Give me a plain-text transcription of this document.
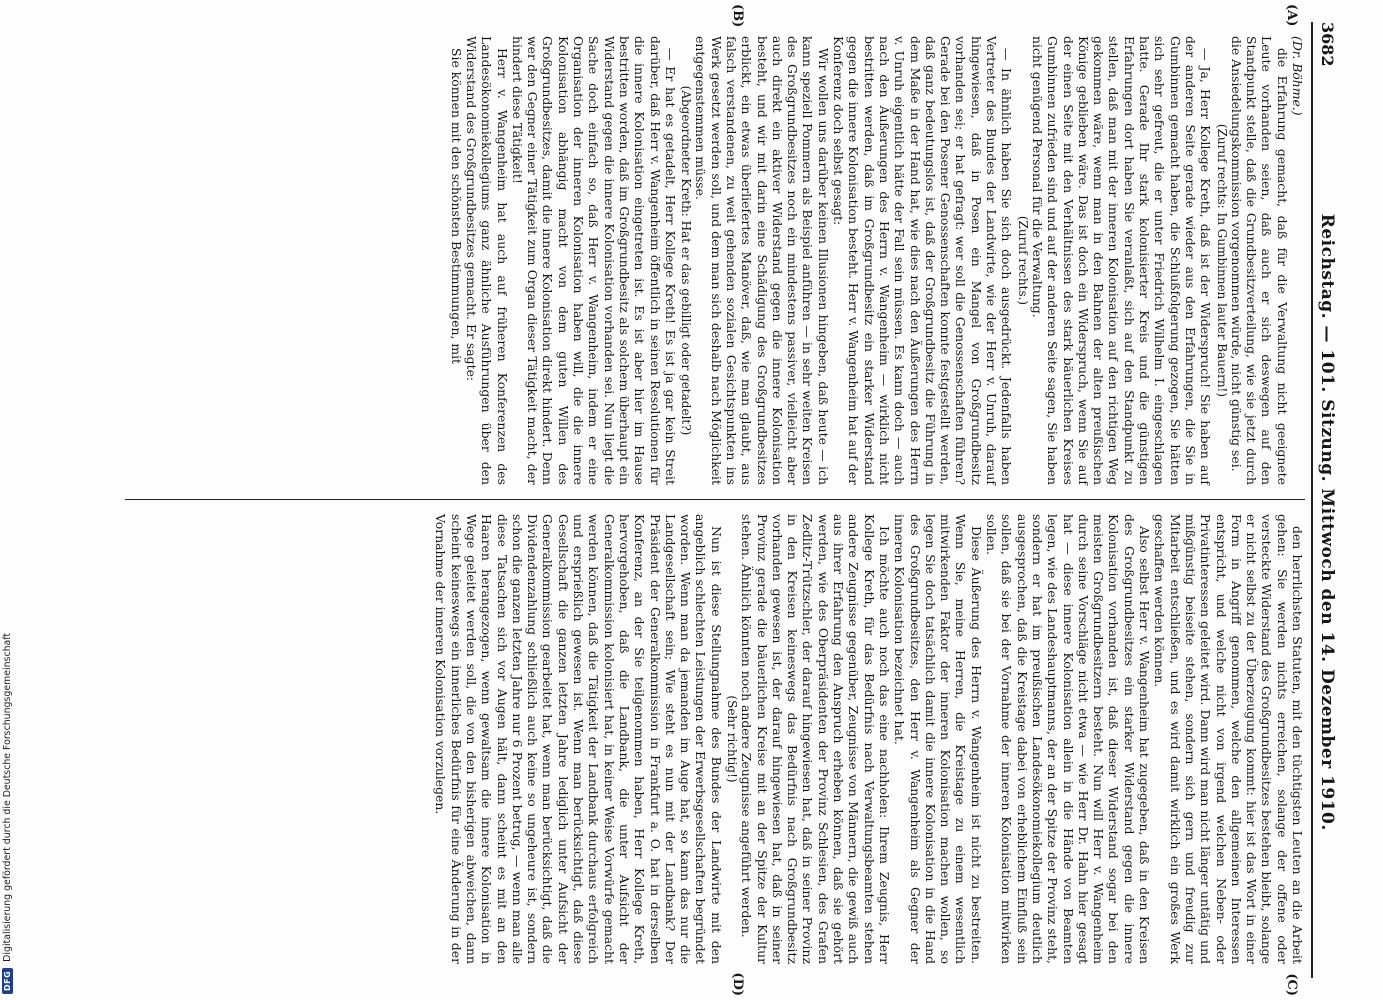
3682
Reichstag. — 101. Sitzung. Mittwoch den 14. Dezember 1910.
(A)
(B)

(Dr. Böhme.)

die Erfahrung gemacht, daß für die Verwaltung nicht geeignete Leute vorhanden seien, daß auch er sich deswegen auf den Standpunkt stelle, daß die Grundbesitzverteilung, wie sie jetzt durch die Ansiedelungskommission vorgenommen würde, nicht günstig sei.

(Zuruf rechts: In Gumbinnen lauter Bauern!)

— Ja, Herr Kollege Kreth, daß ist der Widerspruch! Sie haben auf der anderen Seite gerade wieder aus den Erfahrungen, die Sie in Gumbinnen gemacht haben, die Schlußfolgerung gezogen, Sie hätten sich sehr gefreut, die er unter Friedrich Wilhelm I. eingeschlagen hatte. Gerade Ihr stark kolonisierter Kreis und die günstigen Erfahrungen dort haben Sie veranlaßt, sich auf den Standpunkt zu stellen, daß man mit der inneren Kolonisation auf den richtigen Weg gekommen wäre, wenn man in den Bahnen der alten preußischen Könige geblieben wäre. Das ist doch ein Widerspruch, wenn Sie auf der einen Seite mit den Verhältnissen des stark bäuerlichen Kreises Gumbinnen zufrieden sind und auf der anderen Seite sagen, Sie haben nicht genügend Personal für die Verwaltung.

(Zuruf rechts.)

— In ähnlich haben Sie sich doch ausgedrückt. Jedenfalls haben Vertreter des Bundes der Landwirte, wie der Herr v. Unruh, darauf hingewiesen, daß in Posen ein Mangel von Großgrundbesitz vorhanden sei; er hat gefragt: wer soll die Genossenschaften führen? Gerade bei den Posener Genossenschaften konnte festgestellt werden, daß ganz bedeutungslos ist, daß der Großgrundbesitz die Führung in dem Maße in der Hand hat, wie dies nach den Äußerungen des Herrn v. Unruh eigentlich hätte der Fall sein müssen. Es kann doch — auch nach den Äußerungen des Herrn v. Wangenheim — wirklich nicht bestritten werden, daß im Großgrundbesitz ein starker Widerstand gegen die innere Kolonisation besteht. Herr v. Wangenheim hat auf der Konferenz doch selbst gesagt:

Wir wollen uns darüber keinen Illusionen hingeben, daß heute — ich kann speziell Pommern als Beispiel anführen — in sehr weiten Kreisen des Großgrundbesitzes noch ein mindestens passiver, vielleicht aber auch direkt ein aktiver Widerstand gegen die innere Kolonisation besteht, und wir mit darin eine Schädigung des Großgrundbesitzes erblickt, ein etwas überliefertes Manöver, daß, wie man glaubt, aus falsch verstandenen, zu weit gehenden sozialen Gesichtspunkten ins Werk gesetzt werden soll, und dem man sich deshalb nach Möglichkeit entgegenstemmen müsse.

(Abgeordneter Kreth: Hat er das gebilligt oder getadelt?)

— Er hat es getadelt, Herr Kollege Kreth! Es ist ja gar kein Streit darüber, daß Herr v. Wangenheim öffentlich in seinen Resolutionen für die innere Kolonisation eingetreten ist. Es ist aber hier im Hause bestritten worden, daß im Großgrundbesitz als solchem überhaupt ein Widerstand gegen die innere Kolonisation vorhanden sei. Nun liegt die Sache doch einfach so, daß Herr v. Wangenheim, indem er eine Organisation der inneren Kolonisation haben will, die die innere Kolonisation abhängig macht von dem guten Willen des Großgrundbesitzes, damit die innere Kolonisation direkt hindert. Denn wer den Gegner einer Tätigkeit zum Organ dieser Tätigkeit macht, der hindert diese Tätigkeit!

Herr v. Wangenheim hat auch auf früheren Konferenzen des Landesökonomiekollegiums ganz ähnliche Ausführungen über den Widerstand des Großgrundbesitzes gemacht. Er sagte:

Sie können mit den schönsten Bestimmungen, mit

(C)
(D)

den herrlichsten Statuten, mit den tüchtigsten Leuten an die Arbeit gehen: Sie werden nichts erreichen, solange der offene oder versteckte Widerstand des Großgrundbesitzes bestehen bleibt, solange er nicht selbst zu der Überzeugung kommt: hier ist das Wort in einer Form in Angriff genommen, welche den allgemeinen Interessen entspricht, und welche nicht von irgend welchen Neben- oder Privatinteressen geleitet wird. Dann wird man nicht länger untätig und mißgünstig beiseite stehen, sondern sich gern und freudig zur Mitarbeit entschließen, und es wird damit wirklich ein großes Werk geschaffen werden können.

Also selbst Herr v. Wangenheim hat zugegeben, daß in den Kreisen des Großgrundbesitzes ein starker Widerstand gegen die innere Kolonisation vorhanden ist, daß dieser Widerstand sogar bei den meisten Großgrundbesitzern besteht. Nun will Herr v. Wangenheim durch seine Vorschläge nicht etwa — wie Herr Dr. Hahn hier gesagt hat — diese innere Kolonisation allein in die Hände von Beamten legen, wie des Landeshauptmanns, der an der Spitze der Provinz steht, sondern er hat im preußischen Landesökonomiekollegium deutlich ausgesprochen, daß die Kreistage dabei von erheblichem Einfluß sein sollen, daß sie bei der Vornahme der inneren Kolonisation mitwirken sollen.

Diese Äußerung des Herrn v. Wangenheim ist nicht zu bestreiten. Wenn Sie, meine Herren, die Kreistage zu einem wesentlich mitwirkenden Faktor der inneren Kolonisation machen wollen, so legen Sie doch tatsächlich damit die innere Kolonisation in die Hand des Großgrundbesitzes, den Herr v. Wangenheim als Gegner der inneren Kolonisation bezeichnet hat.

Ich möchte auch noch das eine nachholen: Ihrem Zeugnis, Herr Kollege Kreth, für das Bedürfnis nach Verwaltungsbeamten stehen andere Zeugnisse gegenüber, Zeugnisse von Männern, die gewiß auch aus ihrer Erfahrung den Anspruch erheben können, daß sie gehört werden, wie des Oberpräsidenten der Provinz Schlesien, des Grafen Zedlitz-Trützschler, der darauf hingewiesen hat, daß in seiner Provinz in den Kreisen keineswegs das Bedürfnis nach Großgrundbesitz vorhanden gewesen ist, der darauf hingewiesen hat, daß in seiner Provinz gerade die bäuerlichen Kreise mit an der Spitze der Kultur stehen. Ähnlich könnten noch andere Zeugnisse angeführt werden.

(Sehr richtig!)

Nun ist diese Stellungnahme des Bundes der Landwirte mit den angeblich schlechten Leistungen der Erwerbsgesellschaften begründet worden. Wenn man da jemanden im Auge hat, so kann das nur die Landgesellschaft sein; Wie steht es nun mit der Landbank? Der Präsident der Generalkommission in Frankfurt a. O. hat in derselben Konferenz, an der Sie teilgenommen haben, Herr Kollege Kreth, hervorgehoben, daß die Landbank, die unter Aufsicht der Generalkommission kolonisiert hat, in keiner Weise Vorwürfe gemacht werden können, daß die Tätigkeit der Landbank durchaus erfolgreich und ersprießlich gewesen ist. Wenn man berücksichtigt, daß diese Gesellschaft die ganzen letzten Jahre lediglich unter Aufsicht der Generalkommission gearbeitet hat, wenn man berücksichtigt, daß die Dividendenzahlung schließlich auch keine so ungeheure ist, sondern schon die ganzen letzten Jahre nur 6 Prozent betrug, — wenn man alle diese Tatsachen sich vor Augen hält, dann scheint es mit an den Haaren herangezogen, wenn gewaltsam die innere Kolonisation in Wege geleitet werden soll, die von den bisherigen abweichen, dann scheint keineswegs ein innerliches Bedürfnis für eine Änderung in der Vornahme der inneren Kolonisation vorzulegen.

DFG
Digitalisierung gefördert durch die Deutsche Forschungsgemeinschaft
